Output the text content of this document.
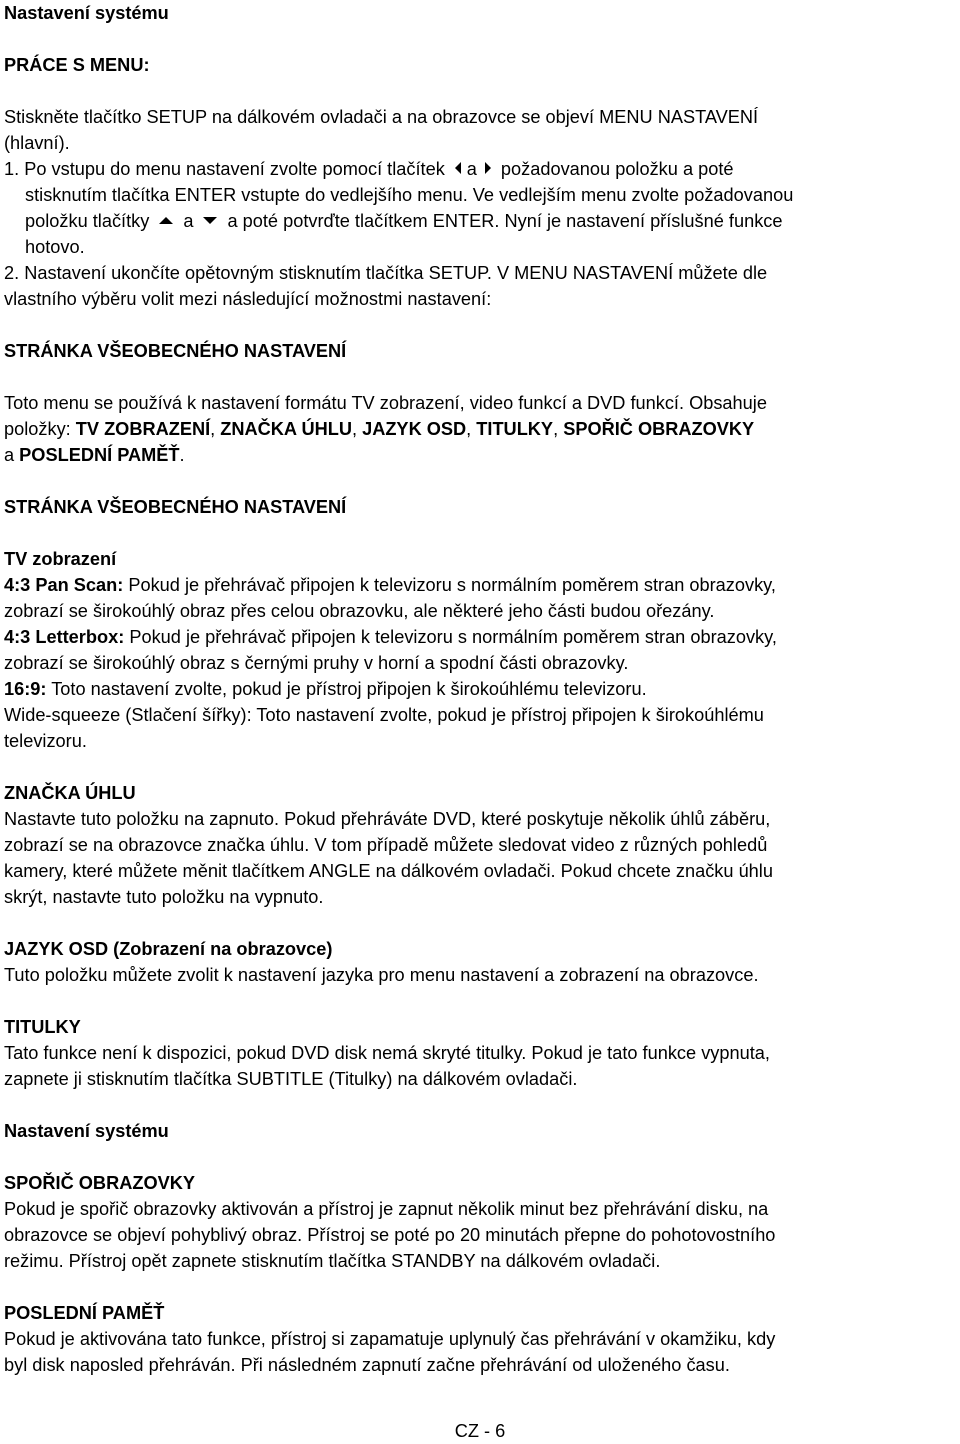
Nastavení systému
PRÁCE S MENU:
Stiskněte tlačítko SETUP na dálkovém ovladači a na obrazovce se objeví MENU NASTAVENÍ
(hlavní).
1. Po vstupu do menu nastavení zvolte pomocí tlačítek a požadovanou položku a poté
stisknutím tlačítka ENTER vstupte do vedlejšího menu. Ve vedlejším menu zvolte požadovanou
položku tlačítky a a poté potvrďte tlačítkem ENTER. Nyní je nastavení příslušné funkce
hotovo.
2. Nastavení ukončíte opětovným stisknutím tlačítka SETUP. V MENU NASTAVENÍ můžete dle
vlastního výběru volit mezi následující možnostmi nastavení:
STRÁNKA VŠEOBECNÉHO NASTAVENÍ
Toto menu se používá k nastavení formátu TV zobrazení, video funkcí a DVD funkcí. Obsahuje
položky: TV ZOBRAZENÍ, ZNAČKA ÚHLU, JAZYK OSD, TITULKY, SPOŘIČ OBRAZOVKY
a POSLEDNÍ PAMĚŤ.
STRÁNKA VŠEOBECNÉHO NASTAVENÍ
TV zobrazení
4:3 Pan Scan: Pokud je přehrávač připojen k televizoru s normálním poměrem stran obrazovky,
zobrazí se širokoúhlý obraz přes celou obrazovku, ale některé jeho části budou ořezány.
4:3 Letterbox: Pokud je přehrávač připojen k televizoru s normálním poměrem stran obrazovky,
zobrazí se širokoúhlý obraz s černými pruhy v horní a spodní části obrazovky.
16:9: Toto nastavení zvolte, pokud je přístroj připojen k širokoúhlému televizoru.
Wide-squeeze (Stlačení šířky): Toto nastavení zvolte, pokud je přístroj připojen k širokoúhlému
televizoru.
ZNAČKA ÚHLU
Nastavte tuto položku na zapnuto. Pokud přehráváte DVD, které poskytuje několik úhlů záběru,
zobrazí se na obrazovce značka úhlu. V tom případě můžete sledovat video z různých pohledů
kamery, které můžete měnit tlačítkem ANGLE na dálkovém ovladači. Pokud chcete značku úhlu
skrýt, nastavte tuto položku na vypnuto.
JAZYK OSD (Zobrazení na obrazovce)
Tuto položku můžete zvolit k nastavení jazyka pro menu nastavení a zobrazení na obrazovce.
TITULKY
Tato funkce není k dispozici, pokud DVD disk nemá skryté titulky. Pokud je tato funkce vypnuta,
zapnete ji stisknutím tlačítka SUBTITLE (Titulky) na dálkovém ovladači.
Nastavení systému
SPOŘIČ OBRAZOVKY
Pokud je spořič obrazovky aktivován a přístroj je zapnut několik minut bez přehrávání disku, na
obrazovce se objeví pohyblivý obraz. Přístroj se poté po 20 minutách přepne do pohotovostního
režimu. Přístroj opět zapnete stisknutím tlačítka STANDBY na dálkovém ovladači.
POSLEDNÍ PAMĚŤ
Pokud je aktivována tato funkce, přístroj si zapamatuje uplynulý čas přehrávání v okamžiku, kdy
byl disk naposled přehráván. Při následném zapnutí začne přehrávání od uloženého času.
CZ - 6
